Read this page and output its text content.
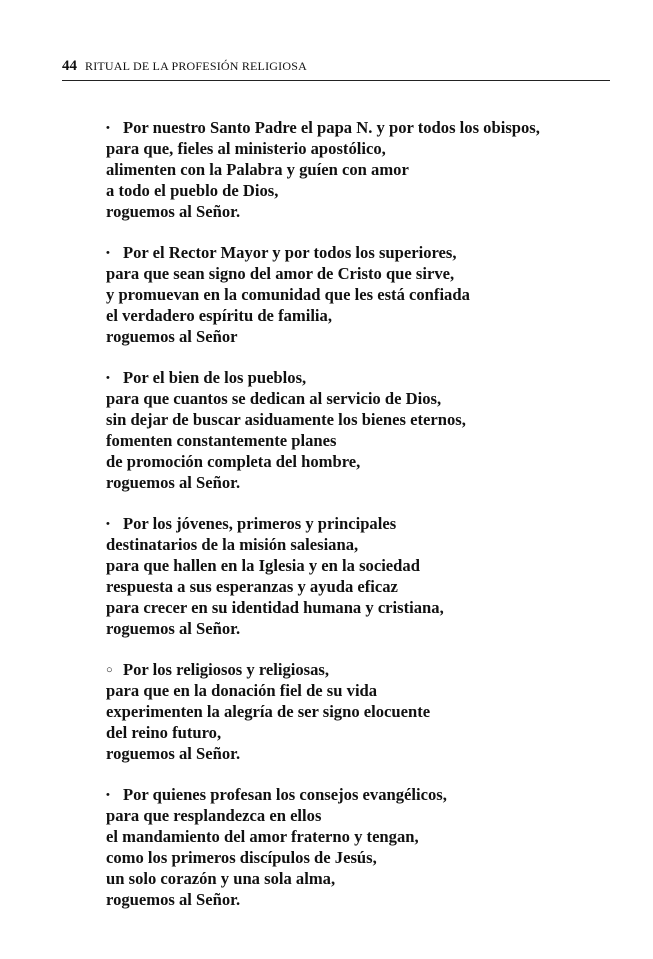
44 RITUAL DE LA PROFESIÓN RELIGIOSA
• Por nuestro Santo Padre el papa N. y por todos los obispos,
para que, fieles al ministerio apostólico,
alimenten con la Palabra y guíen con amor
a todo el pueblo de Dios,
roguemos al Señor.
• Por el Rector Mayor y por todos los superiores,
para que sean signo del amor de Cristo que sirve,
y promuevan en la comunidad que les está confiada
el verdadero espíritu de familia,
roguemos al Señor
• Por el bien de los pueblos,
para que cuantos se dedican al servicio de Dios,
sin dejar de buscar asiduamente los bienes eternos,
fomenten constantemente planes
de promoción completa del hombre,
roguemos al Señor.
• Por los jóvenes, primeros y principales
destinatarios de la misión salesiana,
para que hallen en la Iglesia y en la sociedad
respuesta a sus esperanzas y ayuda eficaz
para crecer en su identidad humana y cristiana,
roguemos al Señor.
○ Por los religiosos y religiosas,
para que en la donación fiel de su vida
experimenten la alegría de ser signo elocuente
del reino futuro,
roguemos al Señor.
• Por quienes profesan los consejos evangélicos,
para que resplandezca en ellos
el mandamiento del amor fraterno y tengan,
como los primeros discípulos de Jesús,
un solo corazón y una sola alma,
roguemos al Señor.
